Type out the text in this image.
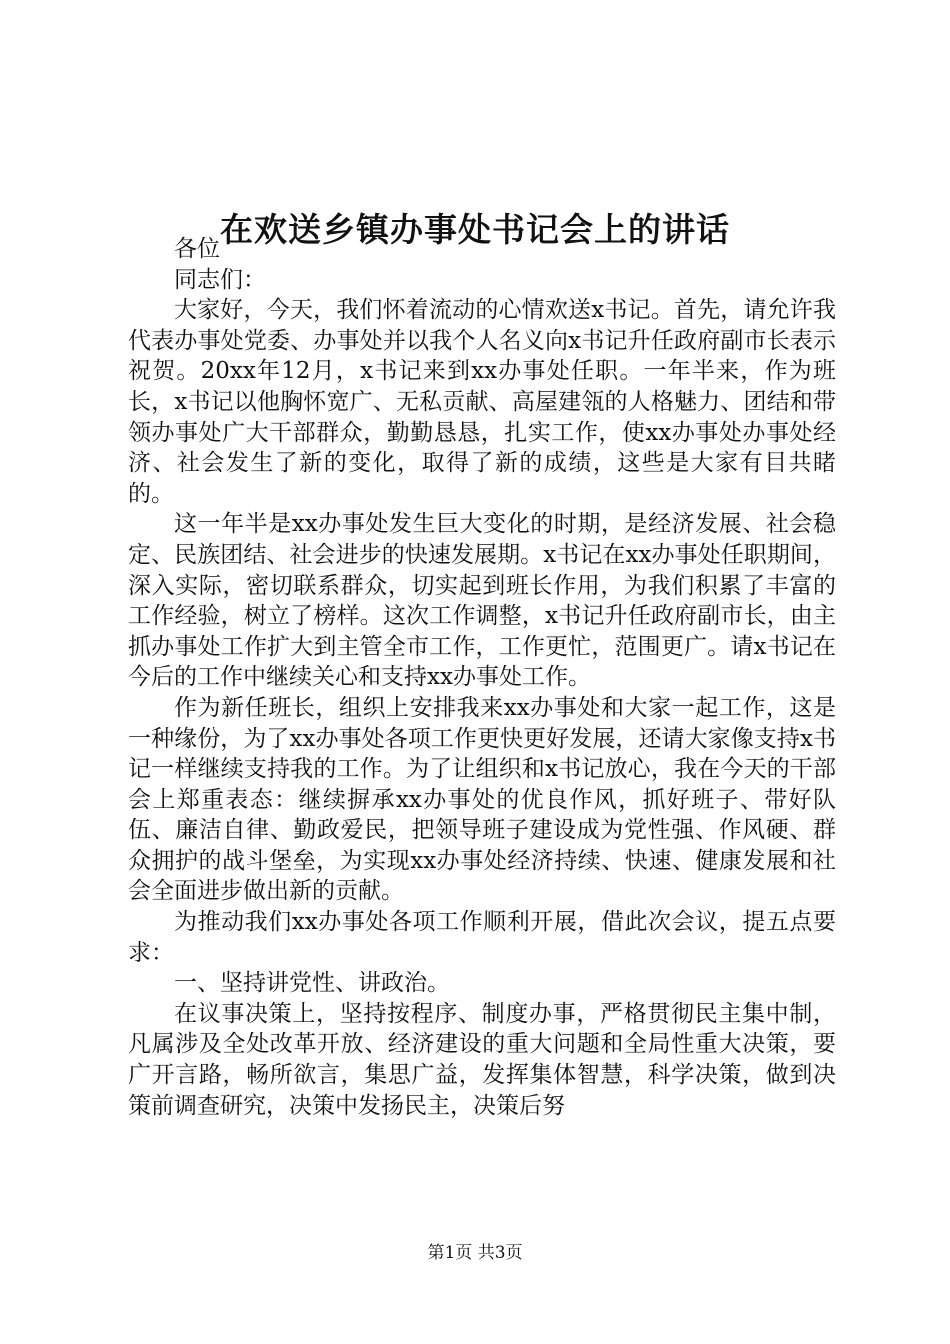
在欢送乡镇办事处书记会上的讲话

各位

同志们：

大家好，今天，我们怀着流动的心情欢送x书记。首先，请允许我代表办事处党委、办事处并以我个人名义向x书记升任政府副市长表示祝贺。20xx年12月，x书记来到xx办事处任职。一年半来，作为班长，x书记以他胸怀宽广、无私贡献、高屋建瓴的人格魅力、团结和带领办事处广大干部群众，勤勤恳恳，扎实工作，使xx办事处办事处经济、社会发生了新的变化，取得了新的成绩，这些是大家有目共睹的。

这一年半是xx办事处发生巨大变化的时期，是经济发展、社会稳定、民族团结、社会进步的快速发展期。x书记在xx办事处任职期间，深入实际，密切联系群众，切实起到班长作用，为我们积累了丰富的工作经验，树立了榜样。这次工作调整，x书记升任政府副市长，由主抓办事处工作扩大到主管全市工作，工作更忙，范围更广。请x书记在今后的工作中继续关心和支持xx办事处工作。

作为新任班长，组织上安排我来xx办事处和大家一起工作，这是一种缘份，为了xx办事处各项工作更快更好发展，还请大家像支持x书记一样继续支持我的工作。为了让组织和x书记放心，我在今天的干部会上郑重表态：继续摒承xx办事处的优良作风，抓好班子、带好队伍、廉洁自律、勤政爱民，把领导班子建设成为党性强、作风硬、群众拥护的战斗堡垒，为实现xx办事处经济持续、快速、健康发展和社会全面进步做出新的贡献。

为推动我们xx办事处各项工作顺利开展，借此次会议，提五点要求：

一、坚持讲党性、讲政治。

在议事决策上，坚持按程序、制度办事，严格贯彻民主集中制，凡属涉及全处改革开放、经济建设的重大问题和全局性重大决策，要广开言路，畅所欲言，集思广益，发挥集体智慧，科学决策，做到决策前调查研究，决策中发扬民主，决策后努

第1页 共3页
